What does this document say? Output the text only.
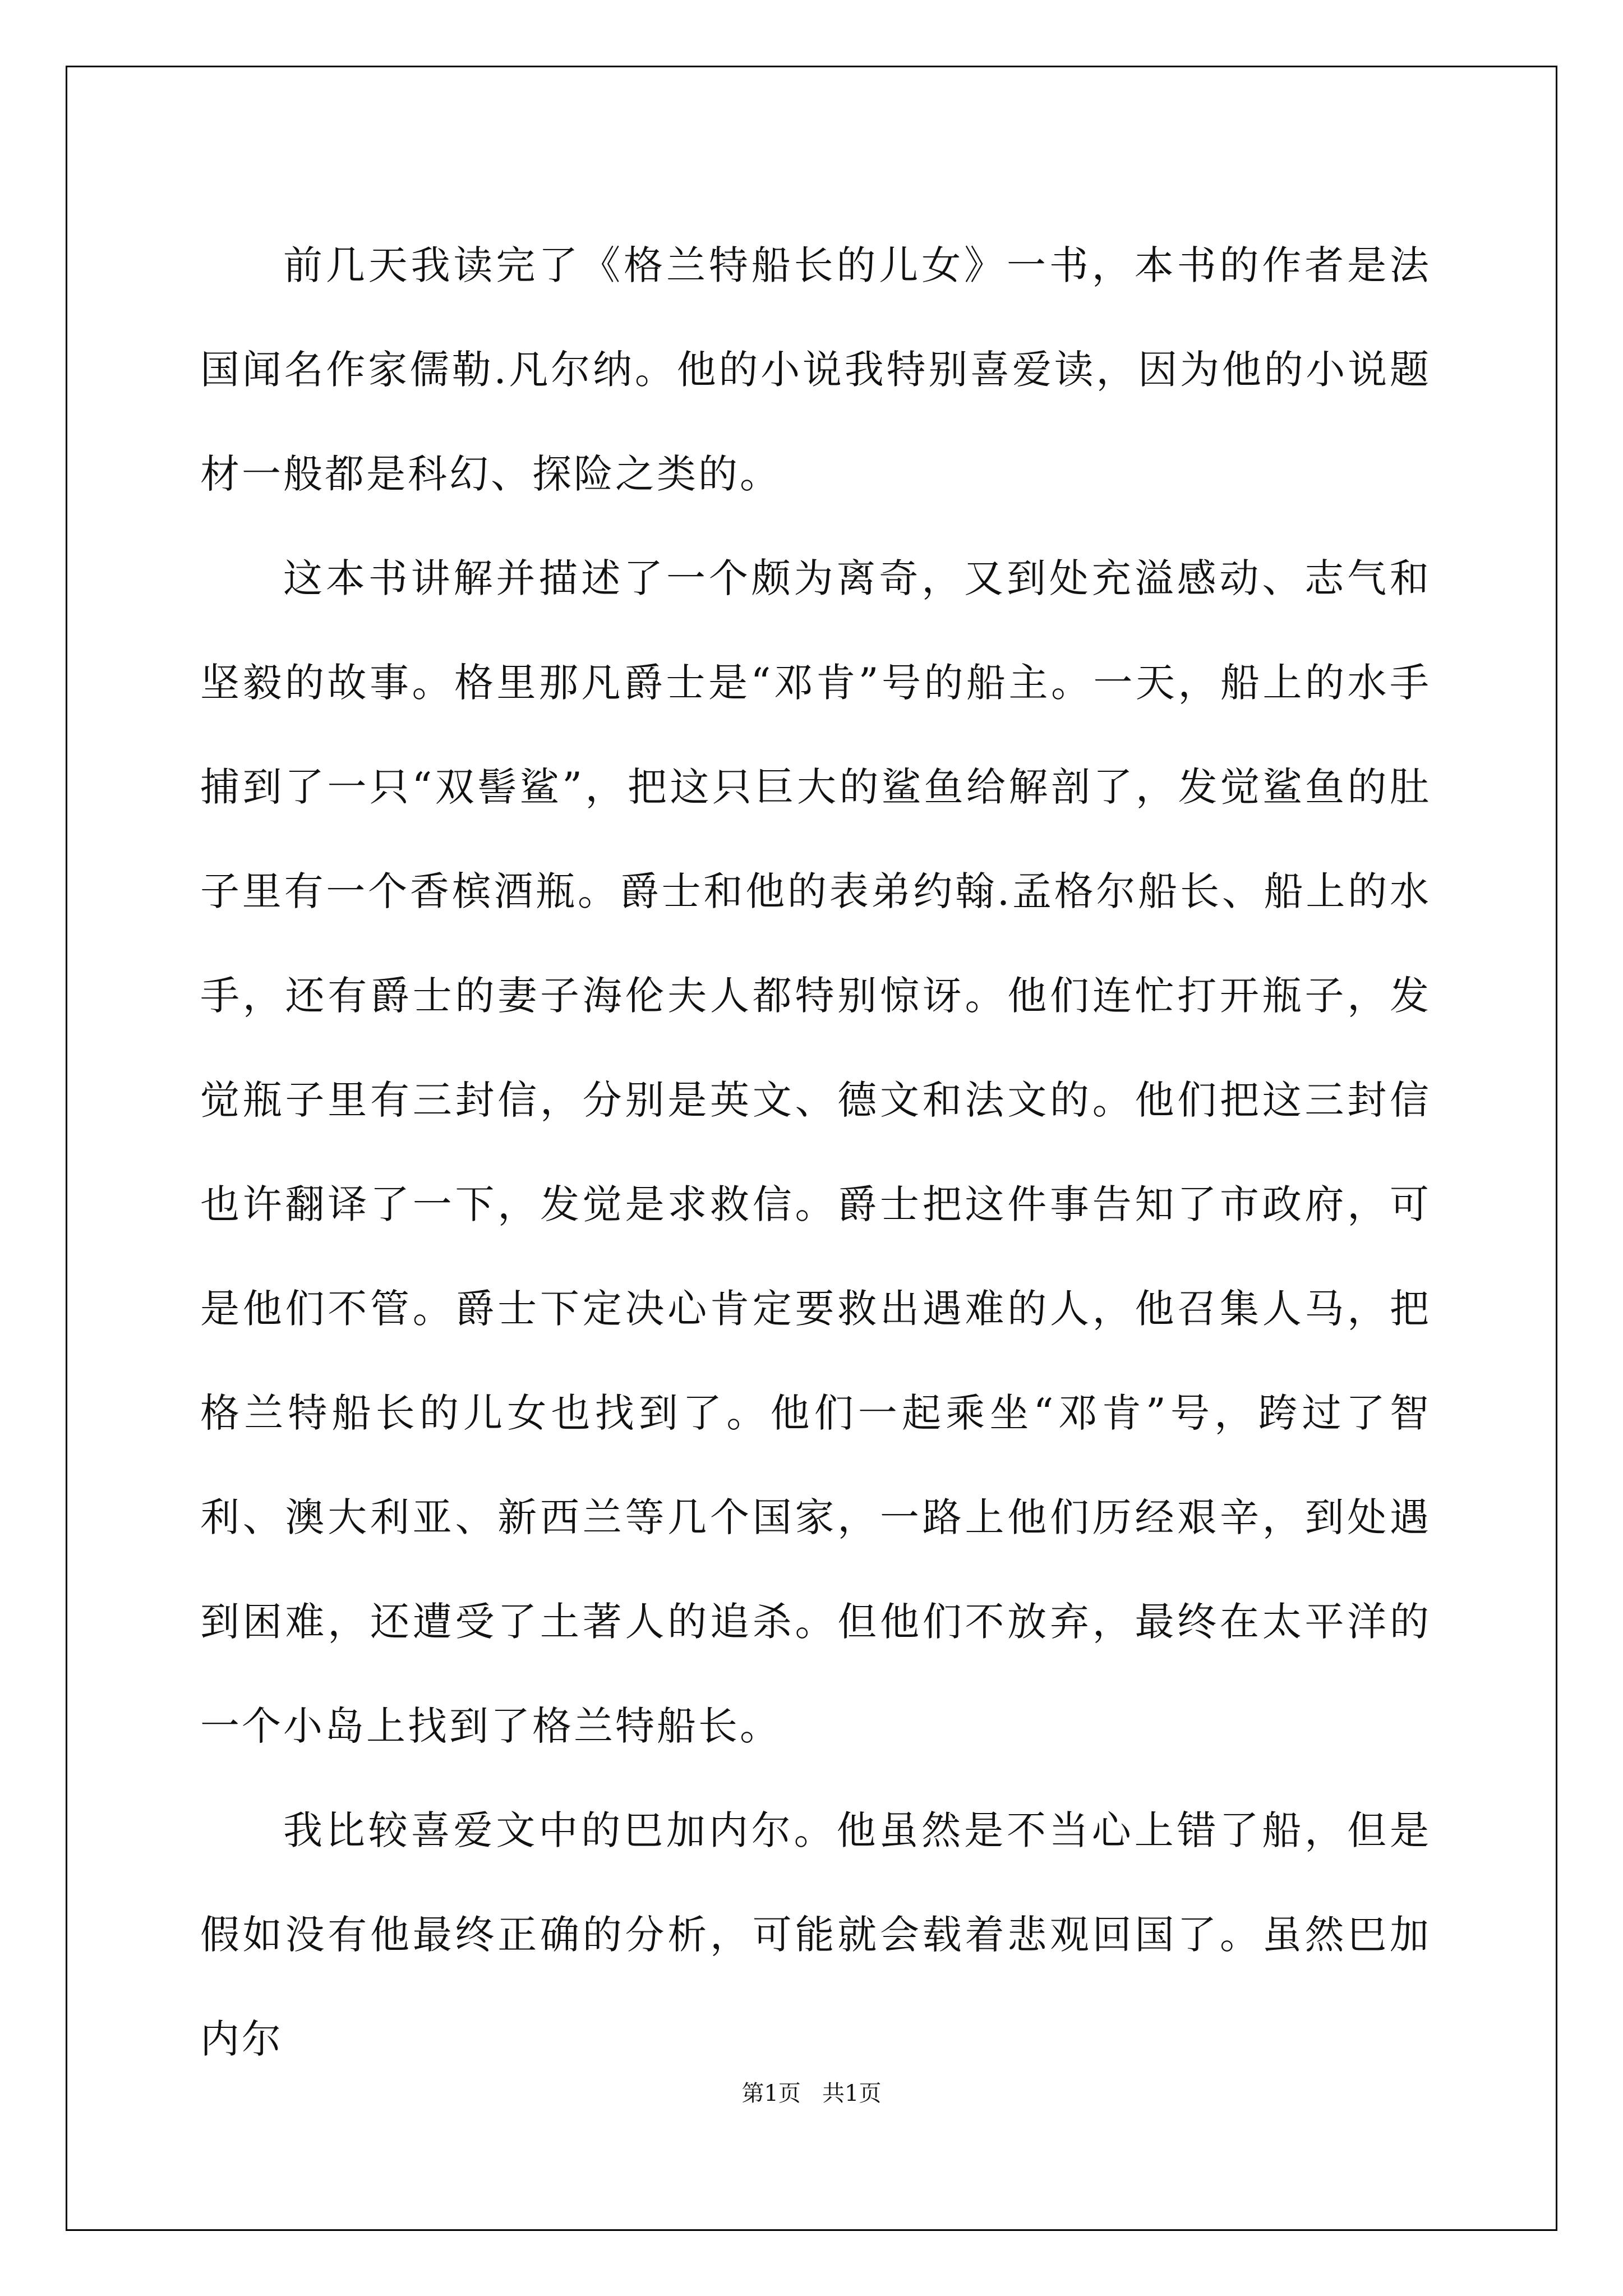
前几天我读完了《格兰特船长的儿女》一书，本书的作者是法国闻名作家儒勒.凡尔纳。他的小说我特别喜爱读，因为他的小说题材一般都是科幻、探险之类的。

这本书讲解并描述了一个颇为离奇，又到处充溢感动、志气和坚毅的故事。格里那凡爵士是“邓肯”号的船主。一天，船上的水手捕到了一只“双髻鲨”，把这只巨大的鲨鱼给解剖了，发觉鲨鱼的肚子里有一个香槟酒瓶。爵士和他的表弟约翰.孟格尔船长、船上的水手，还有爵士的妻子海伦夫人都特别惊讶。他们连忙打开瓶子，发觉瓶子里有三封信，分别是英文、德文和法文的。他们把这三封信也许翻译了一下，发觉是求救信。爵士把这件事告知了市政府，可是他们不管。爵士下定决心肯定要救出遇难的人，他召集人马，把格兰特船长的儿女也找到了。他们一起乘坐“邓肯”号，跨过了智利、澳大利亚、新西兰等几个国家，一路上他们历经艰辛，到处遇到困难，还遭受了土著人的追杀。但他们不放弃，最终在太平洋的一个小岛上找到了格兰特船长。

我比较喜爱文中的巴加内尔。他虽然是不当心上错了船，但是假如没有他最终正确的分析，可能就会载着悲观回国了。虽然巴加内尔

第1页   共1页
